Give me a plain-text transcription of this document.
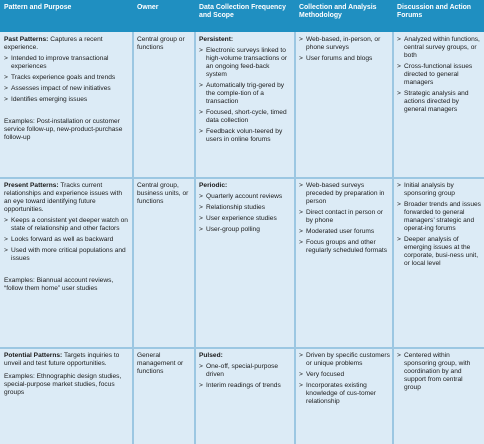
Pattern and Purpose	Owner	Data Collection Frequency and Scope
Collection and Analysis Methodology
Discussion and Action Forums
Past Patterns: Captures a recent experience.
> Intended to improve transactional experiences
> Tracks experience goals and trends
> Assesses impact of new initiatives
> Identifies emerging issues
Examples: Post-installation or customer service follow-up, new-product-purchase follow-up
Central group or functions
Persistent:
> Electronic surveys linked to high-volume transactions or an ongoing feed-back system
> Automatically trig-gered by the comple-tion of a transaction
> Focused, short-cycle, timed data collection
> Feedback volun-teered by users in online forums
> Web-based, in-person, or phone surveys
> User forums and blogs
> Analyzed within functions, central survey groups, or both
> Cross-functional issues directed to general managers
> Strategic analysis and actions directed by general managers
Present Patterns: Tracks current relationships and experience issues with an eye toward identifying future opportunities.
> Keeps a consistent yet deeper watch on state of relationship and other factors
> Looks forward as well as backward
> Used with more critical populations and issues
Examples: Biannual account reviews, “follow them home” user studies
Central group, business units, or functions
Periodic:
> Quarterly account reviews
> Relationship studies
> User experience studies
> User-group polling
> Web-based surveys preceded by preparation in person
> Direct contact in person or by phone
> Moderated user forums
> Focus groups and other regularly scheduled formats
> Initial analysis by sponsoring group
> Broader trends and issues forwarded to general managers’ strategic and operat-ing forums
> Deeper analysis of emerging issues at the corporate, busi-ness unit, or local level
Potential Patterns: Targets inquiries to unveil and test future opportunities.
Examples: Ethnographic design studies, special-purpose market studies, focus groups
General management or functions
Pulsed:
> One-off, special-purpose driven
> Interim readings of trends
> Driven by specific customers or unique problems
> Very focused
> Incorporates existing knowledge of cus-tomer relationship
> Centered within sponsoring group, with coordination by and support from central group
